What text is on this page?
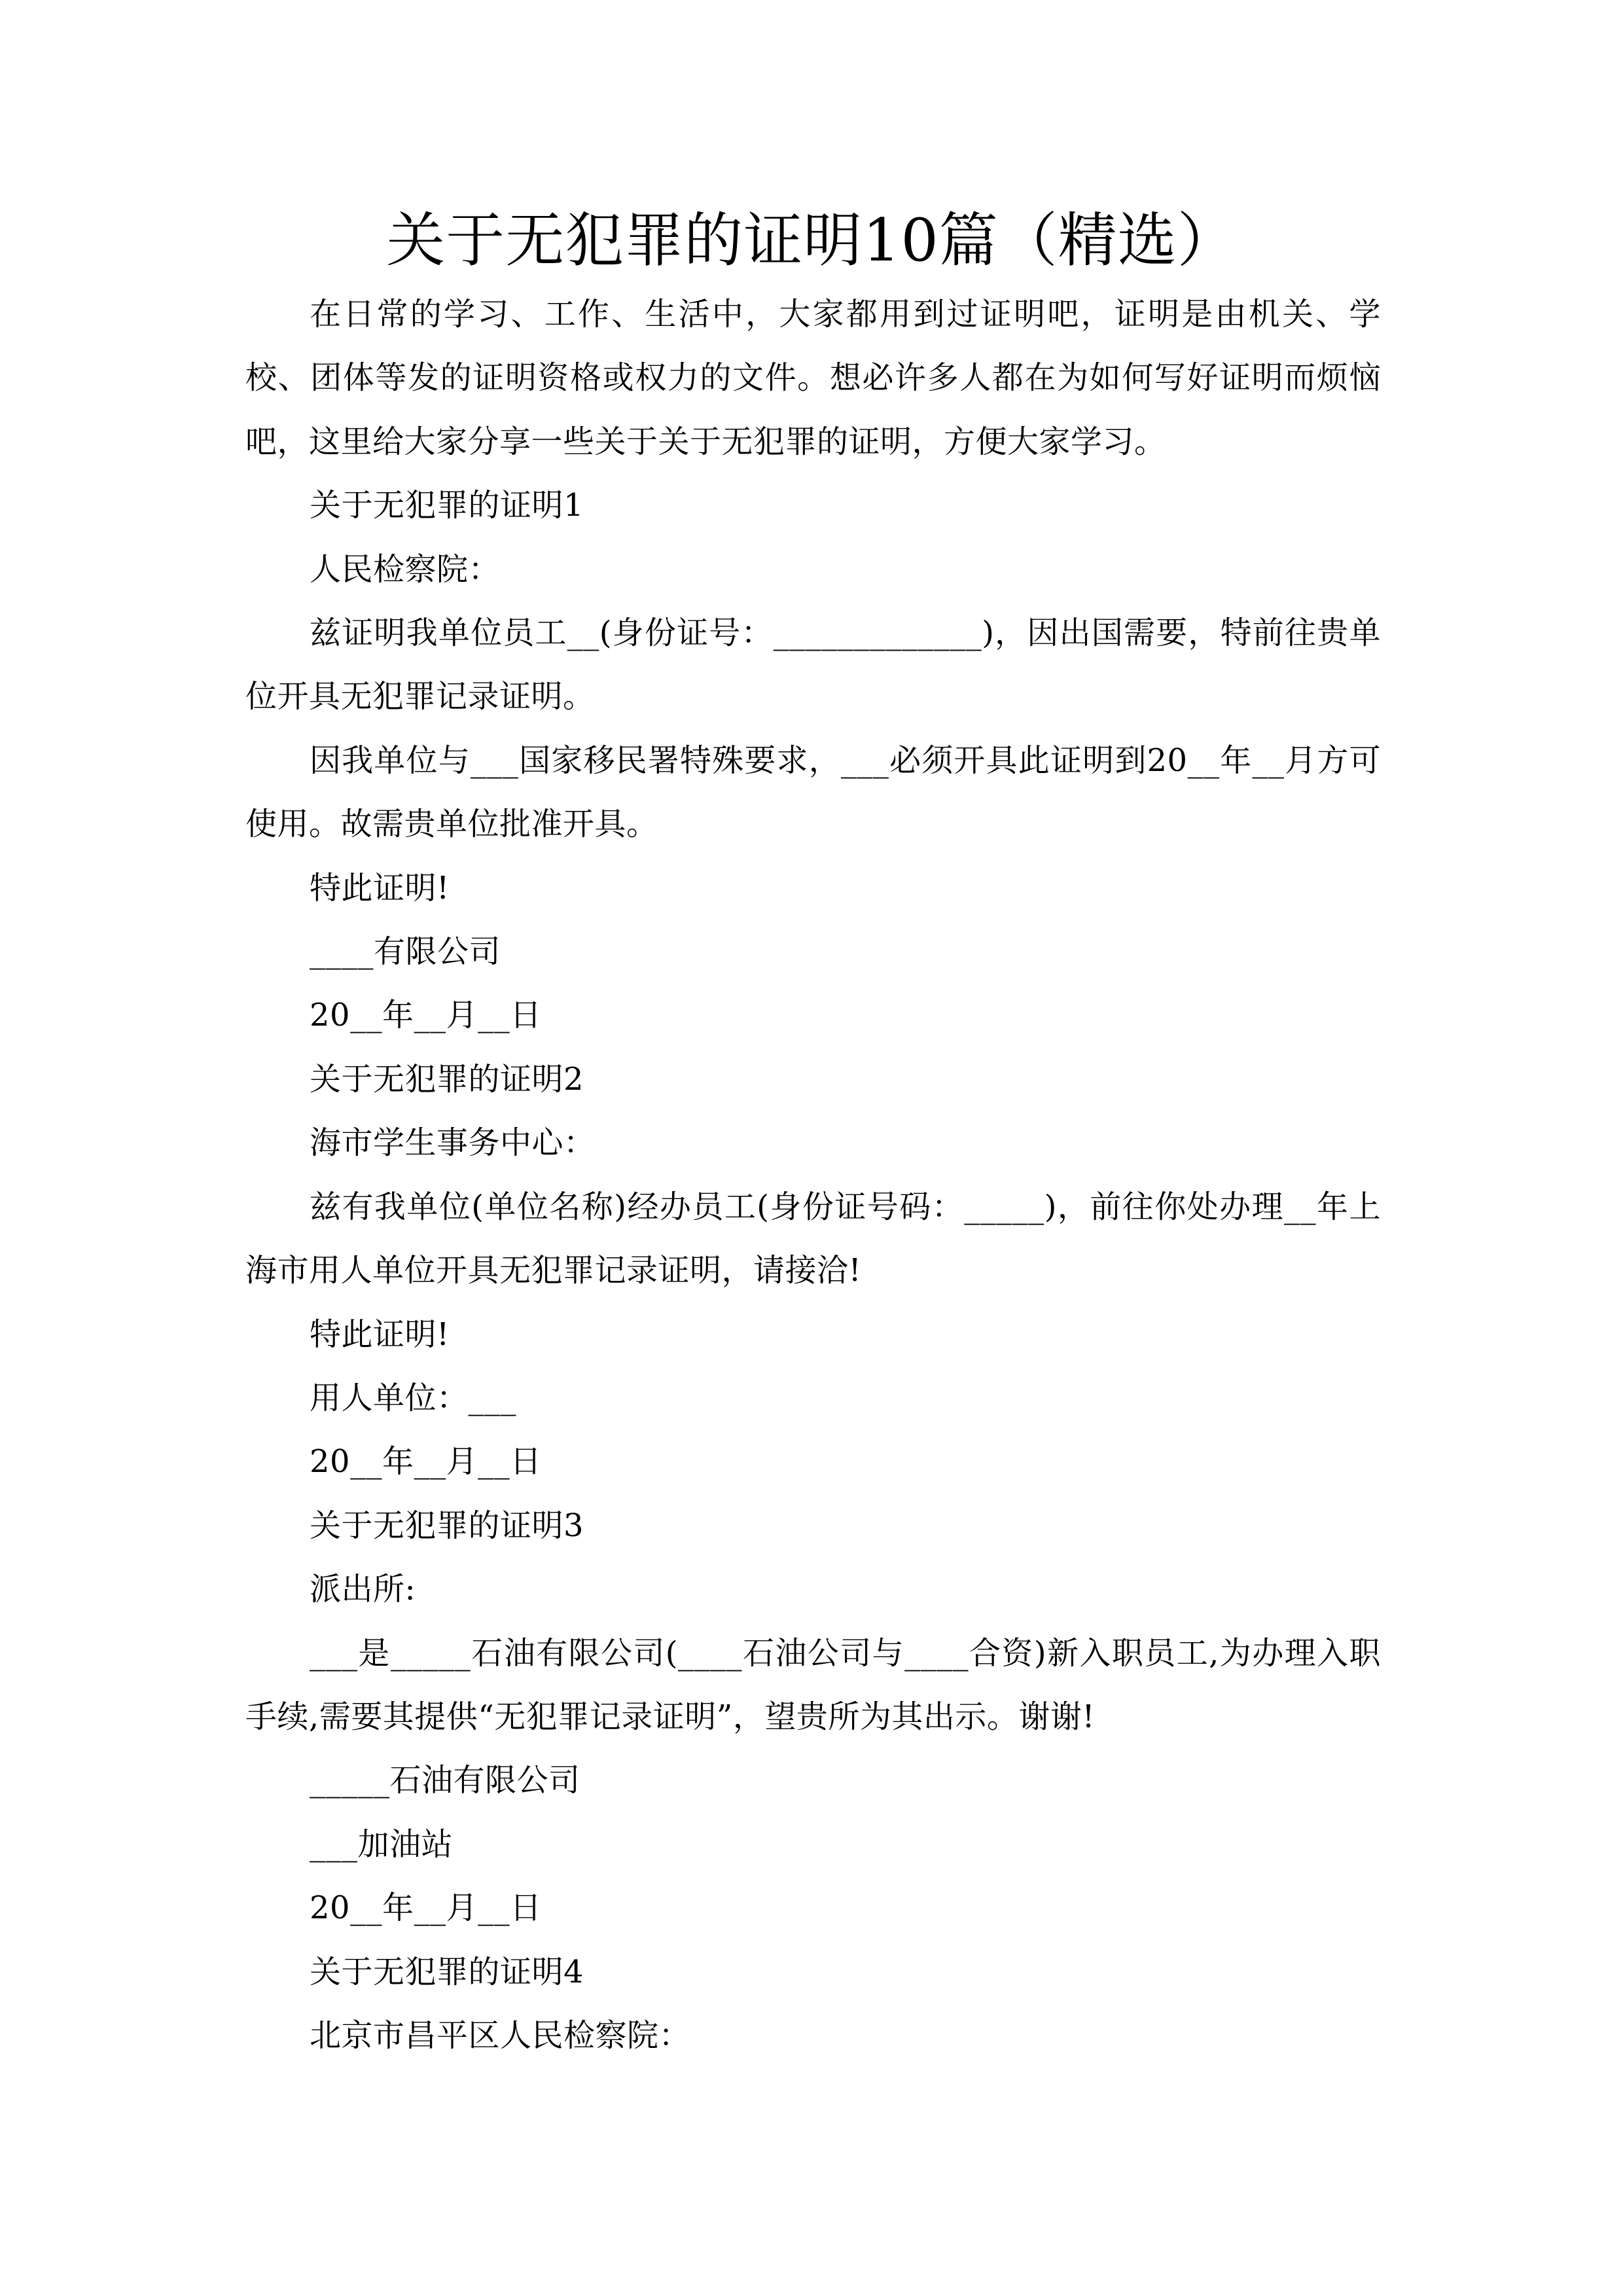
关于无犯罪的证明10篇（精选）

在日常的学习、工作、生活中，大家都用到过证明吧，证明是由机关、学校、团体等发的证明资格或权力的文件。想必许多人都在为如何写好证明而烦恼吧，这里给大家分享一些关于关于无犯罪的证明，方便大家学习。

关于无犯罪的证明1

人民检察院：

兹证明我单位员工__(身份证号：_____________)，因出国需要，特前往贵单位开具无犯罪记录证明。

因我单位与___国家移民署特殊要求，___必须开具此证明到20__年__月方可使用。故需贵单位批准开具。

特此证明!

____有限公司

20__年__月__日

关于无犯罪的证明2

海市学生事务中心：

兹有我单位(单位名称)经办员工(身份证号码：_____)，前往你处办理__年上海市用人单位开具无犯罪记录证明，请接洽!

特此证明!

用人单位：___

20__年__月__日

关于无犯罪的证明3

派出所:

___是_____石油有限公司(____石油公司与____合资)新入职员工,为办理入职手续,需要其提供“无犯罪记录证明”，望贵所为其出示。谢谢!

_____石油有限公司

___加油站

20__年__月__日

关于无犯罪的证明4

北京市昌平区人民检察院：
